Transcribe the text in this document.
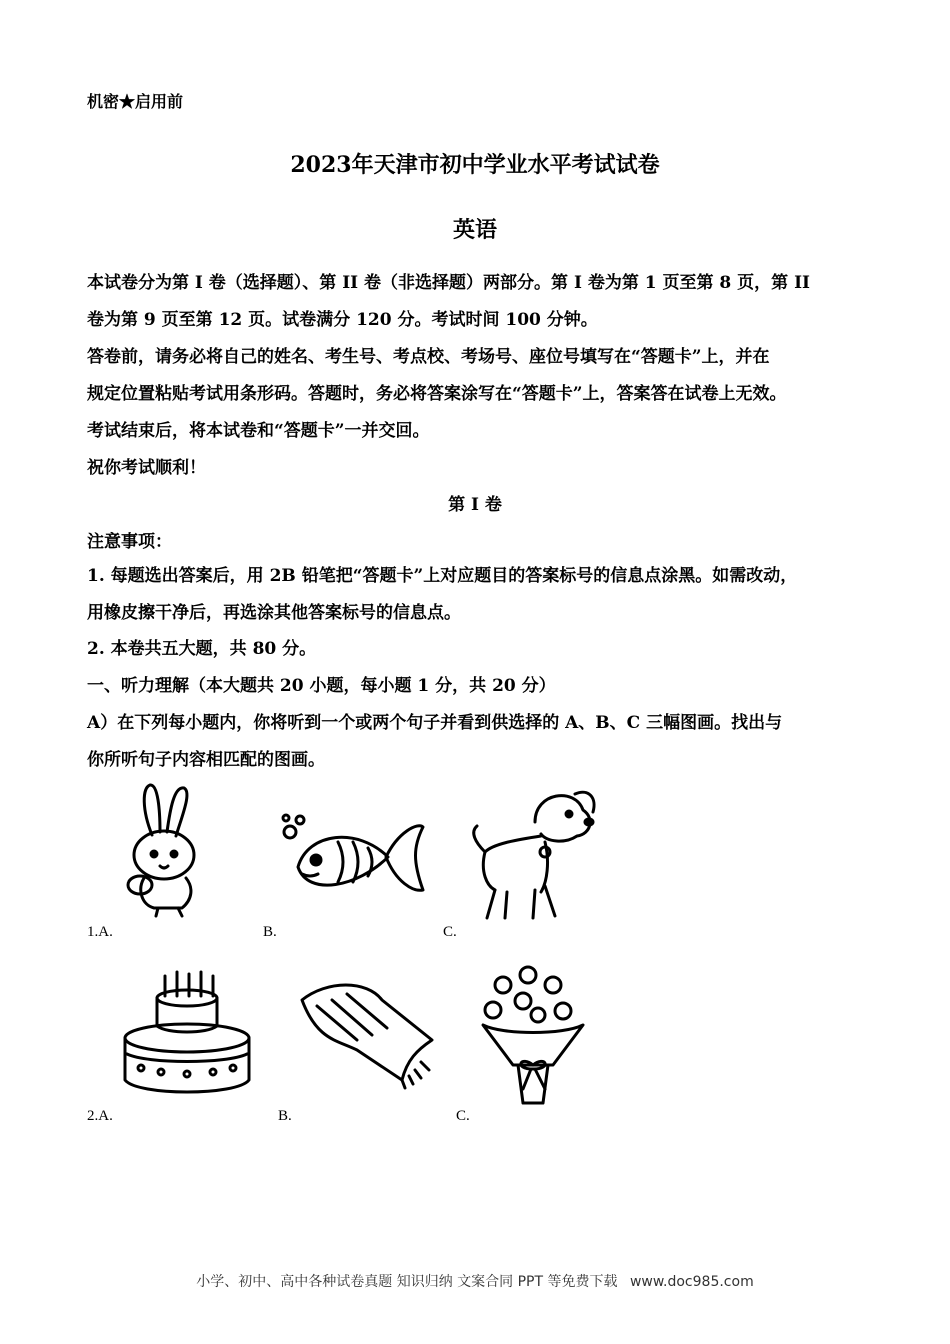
机密★启用前
2023年天津市初中学业水平考试试卷
英语
本试卷分为第 I 卷（选择题）、第 II 卷（非选择题）两部分。第 I 卷为第 1 页至第 8 页，第 II
卷为第 9 页至第 12 页。试卷满分 120 分。考试时间 100 分钟。
答卷前，请务必将自己的姓名、考生号、考点校、考场号、座位号填写在“答题卡”上，并在
规定位置粘贴考试用条形码。答题时，务必将答案涂写在“答题卡”上，答案答在试卷上无效。
考试结束后，将本试卷和“答题卡”一并交回。
祝你考试顺利！
第 I 卷
注意事项：
1. 每题选出答案后，用 2B 铅笔把“答题卡”上对应题目的答案标号的信息点涂黑。如需改动，
用橡皮擦干净后，再选涂其他答案标号的信息点。
2. 本卷共五大题，共 80 分。
一、听力理解（本大题共 20 小题，每小题 1 分，共 20 分）
A）在下列每小题内，你将听到一个或两个句子并看到供选择的 A、B、C 三幅图画。找出与
你所听句子内容相匹配的图画。
1.A.	B.	C.
2.A.	B.	C.
小学、初中、高中各种试卷真题 知识归纳 文案合同 PPT 等免费下载 www.doc985.com
